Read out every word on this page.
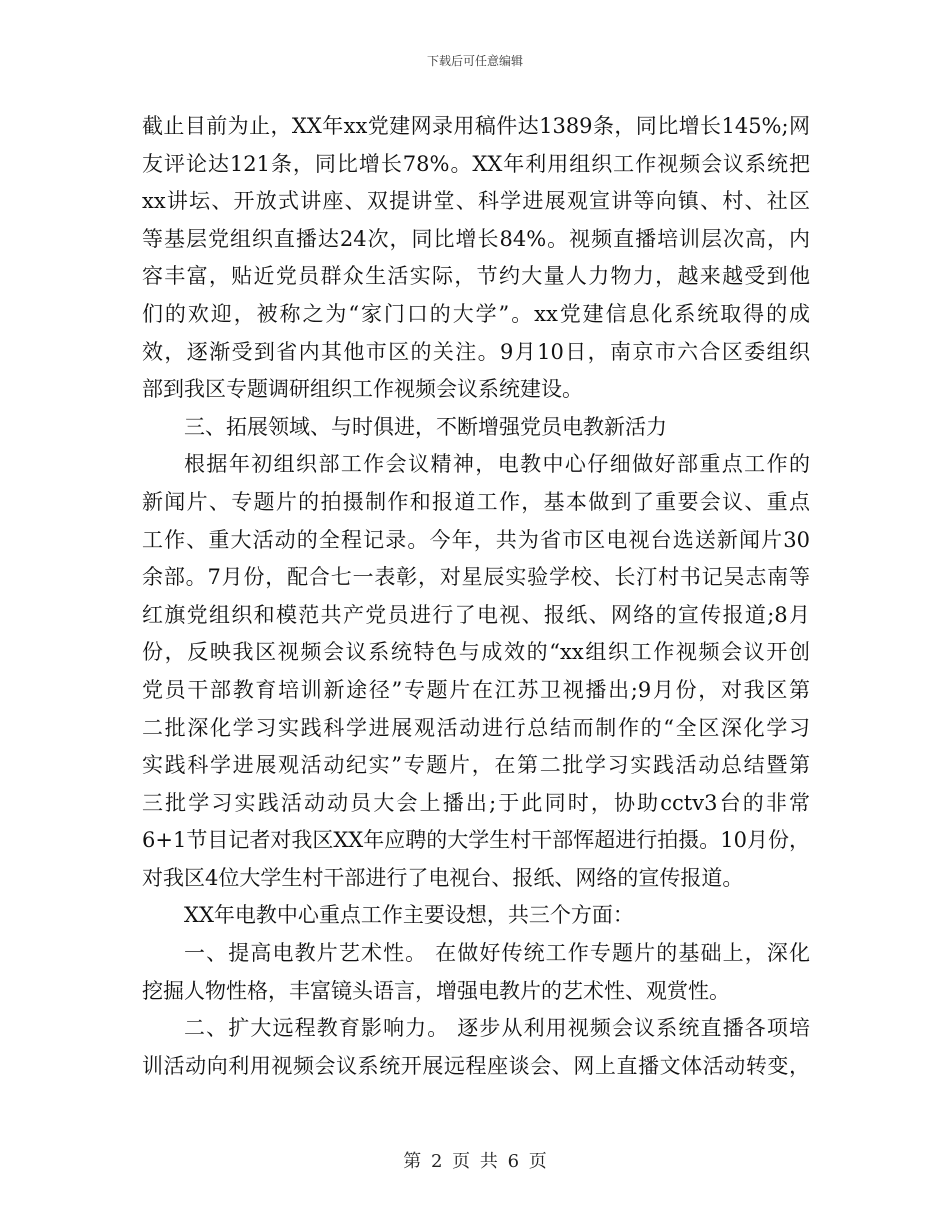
下载后可任意编辑
截止目前为止，XX年xx党建网录用稿件达1389条，同比增长145%;网
友评论达121条，同比增长78%。XX年利用组织工作视频会议系统把
xx讲坛、开放式讲座、双提讲堂、科学进展观宣讲等向镇、村、社区
等基层党组织直播达24次，同比增长84%。视频直播培训层次高，内
容丰富，贴近党员群众生活实际，节约大量人力物力，越来越受到他
们的欢迎，被称之为“家门口的大学”。xx党建信息化系统取得的成
效，逐渐受到省内其他市区的关注。9月10日，南京市六合区委组织
部到我区专题调研组织工作视频会议系统建设。
三、拓展领域、与时俱进，不断增强党员电教新活力
根据年初组织部工作会议精神，电教中心仔细做好部重点工作的
新闻片、专题片的拍摄制作和报道工作，基本做到了重要会议、重点
工作、重大活动的全程记录。今年，共为省市区电视台选送新闻片30
余部。7月份，配合七一表彰，对星辰实验学校、长汀村书记吴志南等
红旗党组织和模范共产党员进行了电视、报纸、网络的宣传报道;8月
份，反映我区视频会议系统特色与成效的“xx组织工作视频会议开创
党员干部教育培训新途径”专题片在江苏卫视播出;9月份，对我区第
二批深化学习实践科学进展观活动进行总结而制作的“全区深化学习
实践科学进展观活动纪实”专题片，在第二批学习实践活动总结暨第
三批学习实践活动动员大会上播出;于此同时，协助cctv3台的非常
6+1节目记者对我区XX年应聘的大学生村干部恽超进行拍摄。10月份，
对我区4位大学生村干部进行了电视台、报纸、网络的宣传报道。
XX年电教中心重点工作主要设想，共三个方面：
一、提高电教片艺术性。 在做好传统工作专题片的基础上，深化
挖掘人物性格，丰富镜头语言，增强电教片的艺术性、观赏性。
二、扩大远程教育影响力。 逐步从利用视频会议系统直播各项培
训活动向利用视频会议系统开展远程座谈会、网上直播文体活动转变，
第 2 页 共 6 页
